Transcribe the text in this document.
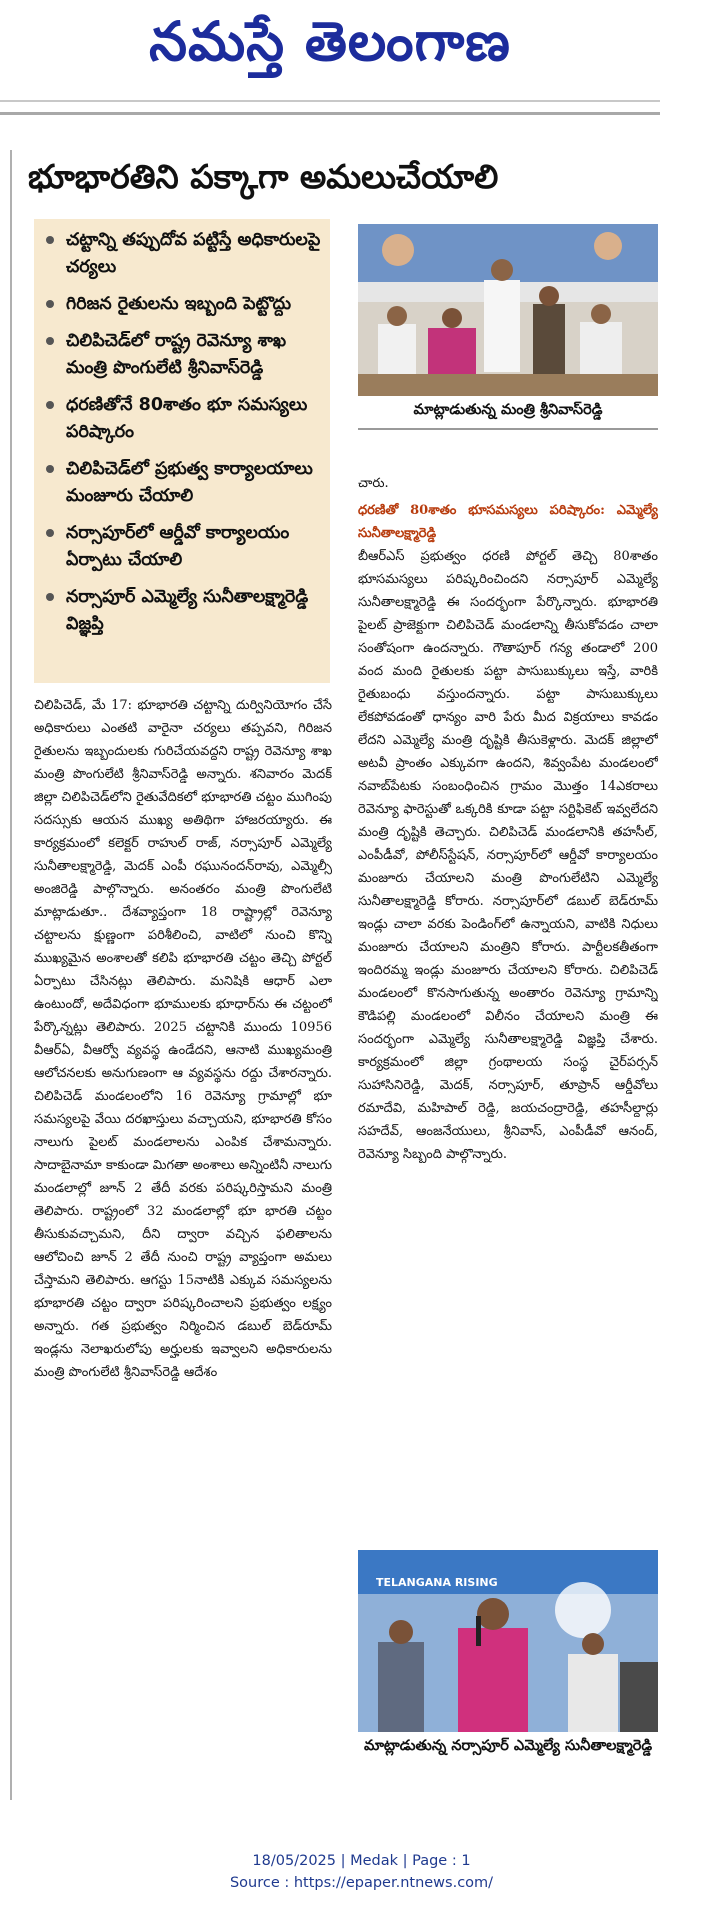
నమస్తే తెలంగాణ
భూభారతిని పక్కాగా అమలుచేయాలి
చట్టాన్ని తప్పుదోవ పట్టిస్తే అధికారులపై చర్యలు
గిరిజన రైతులను ఇబ్బంది పెట్టొద్దు
చిలిపిచెడ్‌లో రాష్ట్ర రెవెన్యూ శాఖ మంత్రి పొంగులేటి శ్రీనివాస్‌రెడ్డి
ధరణితోనే 80శాతం భూ సమస్యలు పరిష్కారం
చిలిపిచెడ్‌లో ప్రభుత్వ కార్యాలయాలు మంజూరు చేయాలి
నర్సాపూర్‌లో ఆర్డీవో కార్యాలయం ఏర్పాటు చేయాలి
నర్సాపూర్ ఎమ్మెల్యే సునీతాలక్ష్మారెడ్డి విజ్ఞప్తి
చిలిపిచెడ్, మే 17: భూభారతి చట్టాన్ని దుర్వినియోగం చేసే అధికారులు ఎంతటి వారైనా చర్యలు తప్పవని, గిరిజన రైతులను ఇబ్బందులకు గురిచేయవద్దని రాష్ట్ర రెవెన్యూ శాఖ మంత్రి పొంగులేటి శ్రీనివాస్‌రెడ్డి అన్నారు. శనివారం మెదక్ జిల్లా చిలిపిచెడ్‌లోని రైతువేదికలో భూభారతి చట్టం ముగింపు సదస్సుకు ఆయన ముఖ్య అతిథిగా హాజరయ్యారు. ఈ కార్యక్రమంలో కలెక్టర్ రాహుల్ రాజ్, నర్సాపూర్ ఎమ్మెల్యే సునీతాలక్ష్మారెడ్డి, మెదక్ ఎంపీ రఘునందన్‌రావు, ఎమ్మెల్సీ అంజిరెడ్డి పాల్గొన్నారు. అనంతరం మంత్రి పొంగులేటి మాట్లాడుతూ.. దేశవ్యాప్తంగా 18 రాష్ట్రాల్లో రెవెన్యూ చట్టాలను క్షుణ్ణంగా పరిశీలించి, వాటిలో నుంచి కొన్ని ముఖ్యమైన అంశాలతో కలిపి భూభారతి చట్టం తెచ్చి పోర్టల్ ఏర్పాటు చేసినట్లు తెలిపారు. మనిషికి ఆధార్ ఎలా ఉంటుందో, అదేవిధంగా భూములకు భూధార్‌ను ఈ చట్టంలో పేర్కొన్నట్లు తెలిపారు. 2025 చట్టానికి ముందు 10956 వీఆర్ఏ, వీఆర్వో వ్యవస్థ ఉండేదని, ఆనాటి ముఖ్యమంత్రి ఆలోచనలకు అనుగుణంగా ఆ వ్యవస్థను రద్దు చేశారన్నారు. చిలిపిచెడ్ మండలంలోని 16 రెవెన్యూ గ్రామాల్లో భూ సమస్యలపై వేయి దరఖాస్తులు వచ్చాయని, భూభారతి కోసం నాలుగు పైలట్ మండలాలను ఎంపిక చేశామన్నారు. సాదాబైనామా కాకుండా మిగతా అంశాలు అన్నింటినీ నాలుగు మండలాల్లో జూన్ 2 తేదీ వరకు పరిష్కరిస్తామని మంత్రి తెలిపారు. రాష్ట్రంలో 32 మండలాల్లో భూ భారతి చట్టం తీసుకువచ్చామని, దీని ద్వారా వచ్చిన ఫలితాలను ఆలోచించి జూన్ 2 తేదీ నుంచి రాష్ట్ర వ్యాప్తంగా అమలు చేస్తామని తెలిపారు. ఆగస్టు 15నాటికి ఎక్కువ సమస్యలను భూభారతి చట్టం ద్వారా పరిష్కరించాలని ప్రభుత్వం లక్ష్యం అన్నారు. గత ప్రభుత్వం నిర్మించిన డబుల్ బెడ్‌రూమ్ ఇండ్లను నెలాఖరులోపు అర్హులకు ఇవ్వాలని అధికారులను మంత్రి పొంగులేటి శ్రీనివాస్‌రెడ్డి ఆదేశం
మాట్లాడుతున్న మంత్రి శ్రీనివాస్‌రెడ్డి
చారు.
ధరణితో 80శాతం భూసమస్యలు పరిష్కారం: ఎమ్మెల్యే సునీతాలక్ష్మారెడ్డి
బీఆర్ఎస్ ప్రభుత్వం ధరణి పోర్టల్ తెచ్చి 80శాతం భూసమస్యలు పరిష్కరించిందని నర్సాపూర్ ఎమ్మెల్యే సునీతాలక్ష్మారెడ్డి ఈ సందర్భంగా పేర్కొన్నారు. భూభారతి పైలట్ ప్రాజెక్టుగా చిలిపిచెడ్ మండలాన్ని తీసుకోవడం చాలా సంతోషంగా ఉందన్నారు. గౌతాపూర్ గన్య తండాలో 200 వంద మంది రైతులకు పట్టా పాసుబుక్కులు ఇస్తే, వారికి రైతుబంధు వస్తుందన్నారు. పట్టా పాసుబుక్కులు లేకపోవడంతో ధాన్యం వారి పేరు మీద విక్రయాలు కావడం లేదని ఎమ్మెల్యే మంత్రి దృష్టికి తీసుకెళ్లారు. మెదక్ జిల్లాలో అటవీ ప్రాంతం ఎక్కువగా ఉందని, శివ్వంపేట మండలంలో నవాబ్‌పేటకు సంబంధించిన గ్రామం మొత్తం 14ఎకరాలు రెవెన్యూ ఫారెస్టుతో ఒక్కరికి కూడా పట్టా సర్టిఫికెట్ ఇవ్వలేదని మంత్రి దృష్టికి తెచ్చారు. చిలిపిచెడ్ మండలానికి తహసీల్, ఎంపీడీవో, పోలీస్‌స్టేషన్, నర్సాపూర్‌లో ఆర్డీవో కార్యాలయం మంజూరు చేయాలని మంత్రి పొంగులేటిని ఎమ్మెల్యే సునీతాలక్ష్మారెడ్డి కోరారు. నర్సాపూర్‌లో డబుల్ బెడ్‌రూమ్ ఇండ్లు చాలా వరకు పెండింగ్‌లో ఉన్నాయని, వాటికి నిధులు మంజూరు చేయాలని మంత్రిని కోరారు. పార్టీలకతీతంగా ఇందిరమ్మ ఇండ్లు మంజూరు చేయాలని కోరారు. చిలిపిచెడ్ మండలంలో కొనసాగుతున్న అంతారం రెవెన్యూ గ్రామాన్ని కౌడిపల్లి మండలంలో విలీనం చేయాలని మంత్రి ఈ సందర్భంగా ఎమ్మెల్యే సునీతాలక్ష్మారెడ్డి విజ్ఞప్తి చేశారు. కార్యక్రమంలో జిల్లా గ్రంథాలయ సంస్థ చైర్‌పర్సన్ సుహాసినిరెడ్డి, మెదక్, నర్సాపూర్, తూప్రాన్ ఆర్డీవోలు రమాదేవి, మహిపాల్ రెడ్డి, జయచంద్రారెడ్డి, తహసీల్దార్లు సహదేవ్, ఆంజనేయులు, శ్రీనివాస్, ఎంపీడీవో ఆనంద్, రెవెన్యూ సిబ్బంది పాల్గొన్నారు.
TELANGANA RISING
మాట్లాడుతున్న నర్సాపూర్ ఎమ్మెల్యే సునీతాలక్ష్మారెడ్డి
18/05/2025 | Medak | Page : 1
Source : https://epaper.ntnews.com/
